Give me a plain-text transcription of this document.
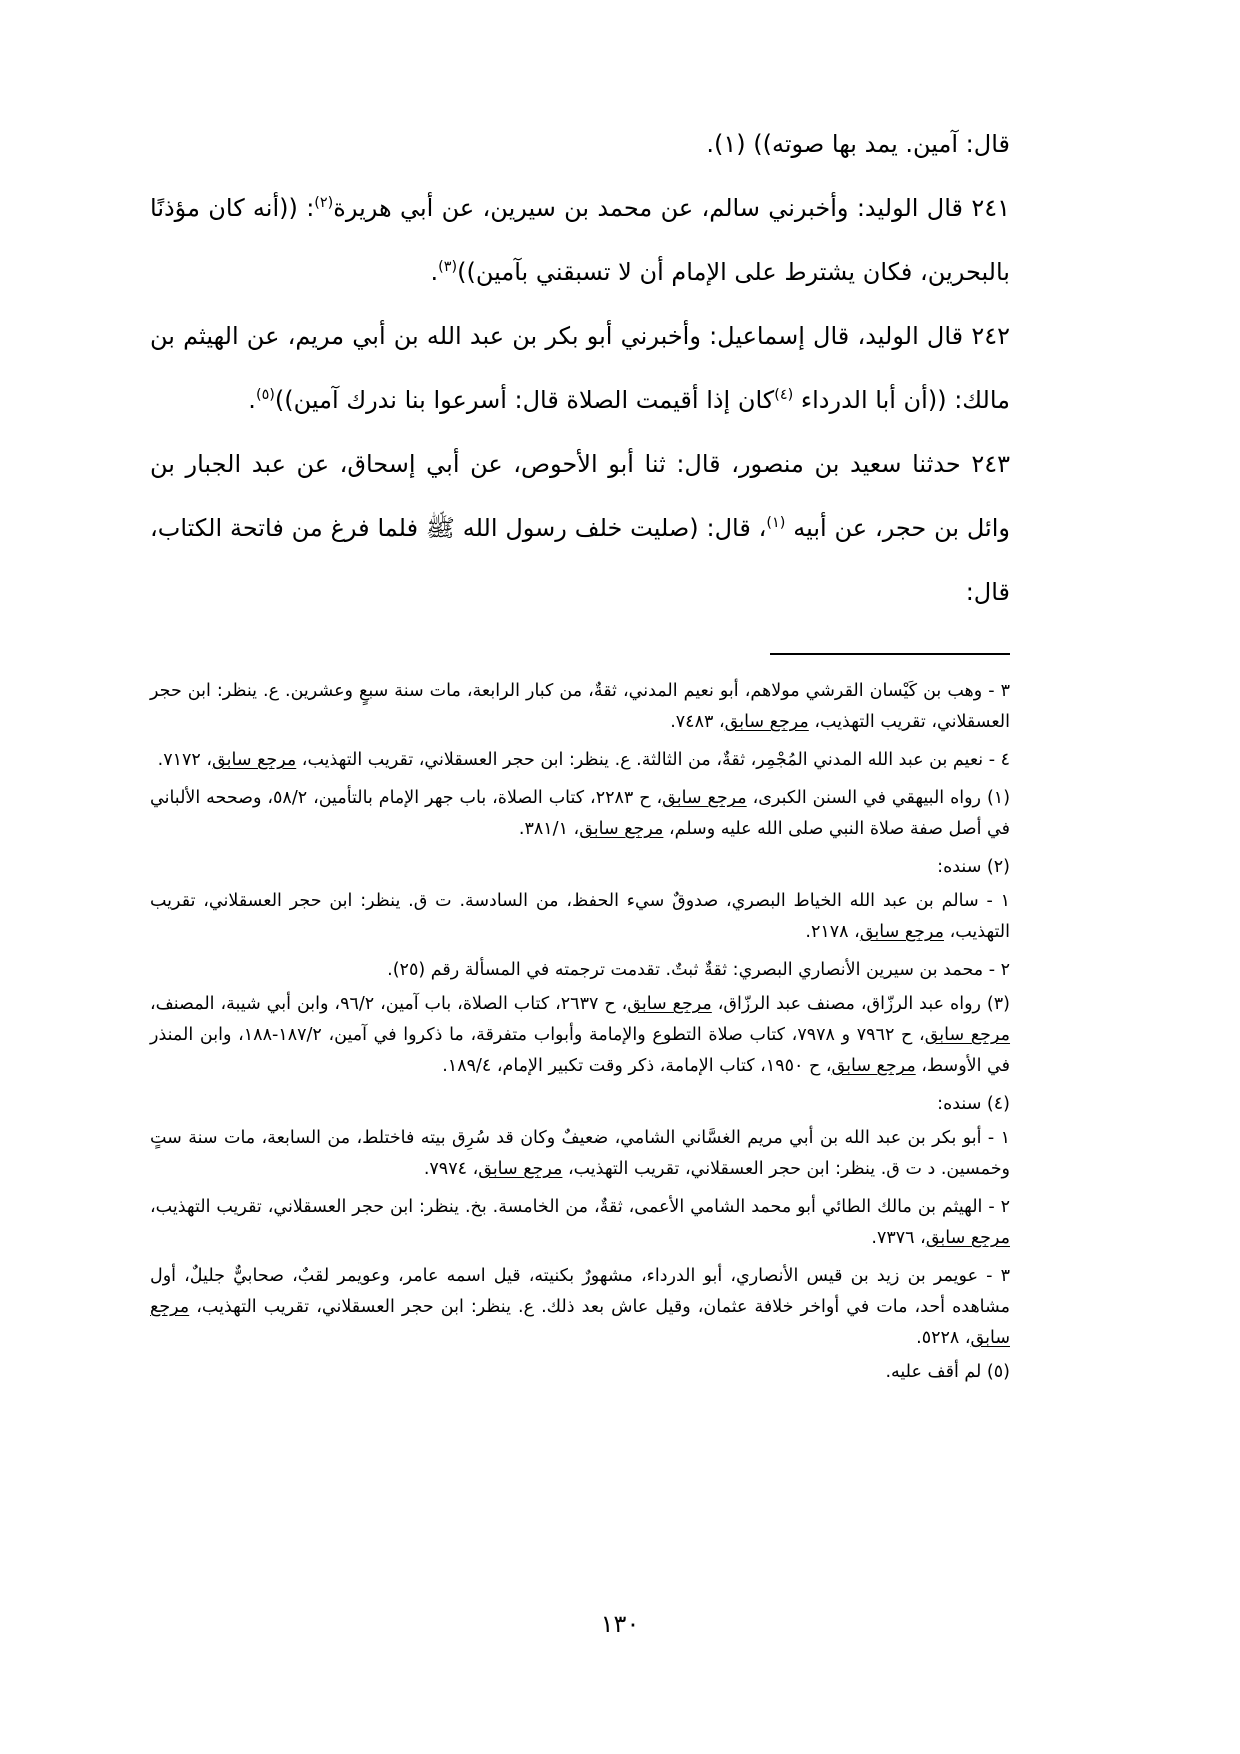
قال: آمين. يمد بها صوته)) (١).

٢٤١ قال الوليد: وأخبرني سالم، عن محمد بن سيرين، عن أبي هريرة$^{(٢)}$: ((أنه كان مؤذنًا بالبحرين، فكان يشترط على الإمام أن لا تسبقني بآمين))$^{(٣)}$.

٢٤٢ قال الوليد، قال إسماعيل: وأخبرني أبو بكر بن عبد الله بن أبي مريم، عن الهيثم بن مالك: ((أن أبا الدرداء $^{(٤)}$كان إذا أقيمت الصلاة قال: أسرعوا بنا ندرك آمين))$^{(٥)}$.

٢٤٣ حدثنا سعيد بن منصور، قال: ثنا أبو الأحوص، عن أبي إسحاق، عن عبد الجبار بن وائل بن حجر، عن أبيه $^{(١)}$، قال: (صليت خلف رسول الله ﷺ فلما فرغ من فاتحة الكتاب، قال:

٣ - وهب بن كَيْسان القرشي مولاهم، أبو نعيم المدني، ثقةٌ، من كبار الرابعة، مات سنة سبعٍ وعشرين. ع. ينظر: ابن حجر العسقلاني، تقريب التهذيب، مرجع سابق، ٧٤٨٣.

٤ - نعيم بن عبد الله المدني المُجْمِر، ثقةٌ، من الثالثة. ع. ينظر: ابن حجر العسقلاني، تقريب التهذيب، مرجع سابق، ٧١٧٢.

(١) رواه البيهقي في السنن الكبرى، مرجع سابق، ح ٢٢٨٣، كتاب الصلاة، باب جهر الإمام بالتأمين، ٥٨/٢، وصححه الألباني في أصل صفة صلاة النبي صلى الله عليه وسلم، مرجع سابق، ٣٨١/١.

(٢) سنده:

١ - سالم بن عبد الله الخياط البصري، صدوقٌ سيء الحفظ، من السادسة. ت ق. ينظر: ابن حجر العسقلاني، تقريب التهذيب، مرجع سابق، ٢١٧٨.

٢ - محمد بن سيرين الأنصاري البصري: ثقةٌ ثبتٌ. تقدمت ترجمته في المسألة رقم (٢٥).

(٣) رواه عبد الرزّاق، مصنف عبد الرزّاق، مرجع سابق، ح ٢٦٣٧، كتاب الصلاة، باب آمين، ٩٦/٢، وابن أبي شيبة، المصنف، مرجع سابق، ح ٧٩٦٢ و ٧٩٧٨، كتاب صلاة التطوع والإمامة وأبواب متفرقة، ما ذكروا في آمين، ١٨٧/٢-١٨٨، وابن المنذر في الأوسط، مرجع سابق، ح ١٩٥٠، كتاب الإمامة، ذكر وقت تكبير الإمام، ١٨٩/٤.

(٤) سنده:

١ - أبو بكر بن عبد الله بن أبي مريم الغسَّاني الشامي، ضعيفٌ وكان قد سُرِق بيته فاختلط، من السابعة، مات سنة ستٍ وخمسين. د ت ق. ينظر: ابن حجر العسقلاني، تقريب التهذيب، مرجع سابق، ٧٩٧٤.

٢ - الهيثم بن مالك الطائي أبو محمد الشامي الأعمى، ثقةٌ، من الخامسة. بخ. ينظر: ابن حجر العسقلاني، تقريب التهذيب، مرجع سابق، ٧٣٧٦.

٣ - عويمر بن زيد بن قيس الأنصاري، أبو الدرداء، مشهورٌ بكنيته، قيل اسمه عامر، وعويمر لقبٌ، صحابيٌّ جليلٌ، أول مشاهده أحد، مات في أواخر خلافة عثمان، وقيل عاش بعد ذلك. ع. ينظر: ابن حجر العسقلاني، تقريب التهذيب، مرجع سابق، ٥٢٢٨.

(٥) لم أقف عليه.

١٣٠
